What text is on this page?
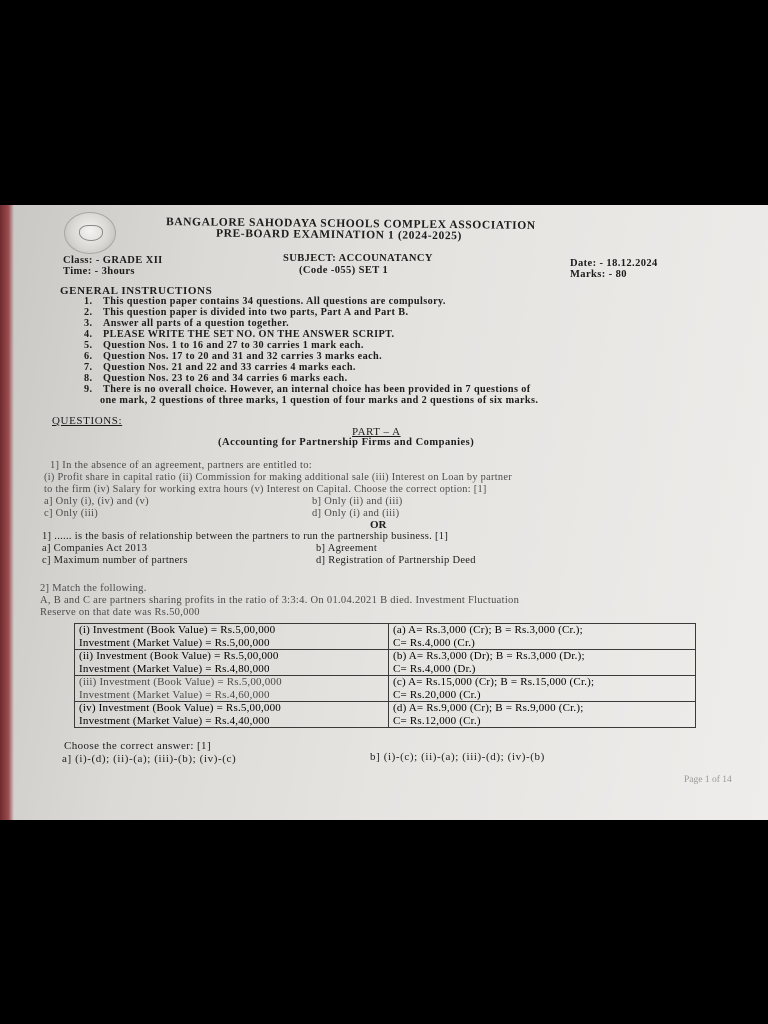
BANGALORE SAHODAYA SCHOOLS COMPLEX ASSOCIATION
PRE-BOARD EXAMINATION 1 (2024-2025)
Class: - GRADE XII
Time: - 3hours
SUBJECT: ACCOUNATANCY
(Code -055) SET 1
Date: - 18.12.2024
Marks: - 80
GENERAL INSTRUCTIONS
1. This question paper contains 34 questions. All questions are compulsory.
2. This question paper is divided into two parts, Part A and Part B.
3. Answer all parts of a question together.
4. PLEASE WRITE THE SET NO. ON THE ANSWER SCRIPT.
5. Question Nos. 1 to 16 and 27 to 30 carries 1 mark each.
6. Question Nos. 17 to 20 and 31 and 32 carries 3 marks each.
7. Question Nos. 21 and 22 and 33 carries 4 marks each.
8. Question Nos. 23 to 26 and 34 carries 6 marks each.
9. There is no overall choice. However, an internal choice has been provided in 7 questions of
one mark, 2 questions of three marks, 1 question of four marks and 2 questions of six marks.
QUESTIONS:
PART – A
(Accounting for Partnership Firms and Companies)
1] In the absence of an agreement, partners are entitled to:
(i) Profit share in capital ratio (ii) Commission for making additional sale (iii) Interest on Loan by partner
to the firm (iv) Salary for working extra hours (v) Interest on Capital. Choose the correct option: [1]
a] Only (i), (iv) and (v)	b] Only (ii) and (iii)
c] Only (iii)	d] Only (i) and (iii)
OR
1] ...... is the basis of relationship between the partners to run the partnership business. [1]
a] Companies Act 2013	b] Agreement
c] Maximum number of partners	d] Registration of Partnership Deed
2] Match the following.
A, B and C are partners sharing profits in the ratio of 3:3:4. On 01.04.2021 B died. Investment Fluctuation
Reserve on that date was Rs.50,000
(i) Investment (Book Value) = Rs.5,00,000
Investment (Market Value) = Rs.5,00,000	(a) A= Rs.3,000 (Cr); B = Rs.3,000 (Cr.);
C= Rs.4,000 (Cr.)

(ii) Investment (Book Value) = Rs.5,00,000
Investment (Market Value) = Rs.4,80,000	(b) A= Rs.3,000 (Dr); B = Rs.3,000 (Dr.);
C= Rs.4,000 (Dr.)

(iii) Investment (Book Value) = Rs.5,00,000
Investment (Market Value) = Rs.4,60,000	(c) A= Rs.15,000 (Cr); B = Rs.15,000 (Cr.);
C= Rs.20,000 (Cr.)

(iv) Investment (Book Value) = Rs.5,00,000
Investment (Market Value) = Rs.4,40,000	(d) A= Rs.9,000 (Cr); B = Rs.9,000 (Cr.);
C= Rs.12,000 (Cr.)
Choose the correct answer: [1]
a] (i)-(d); (ii)-(a); (iii)-(b); (iv)-(c)	b] (i)-(c); (ii)-(a); (iii)-(d); (iv)-(b)
Page 1 of 14
